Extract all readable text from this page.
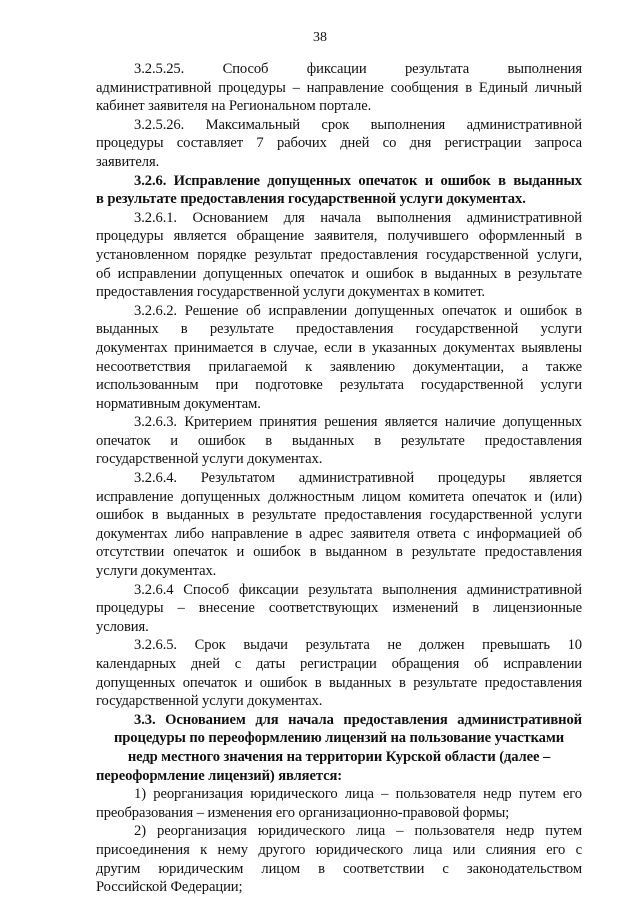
38
3.2.5.25. Способ фиксации результата выполнения
административной процедуры – направление сообщения в Единый личный
кабинет заявителя на Региональном портале.
3.2.5.26. Максимальный срок выполнения административной
процедуры составляет 7 рабочих дней со дня регистрации запроса
заявителя.
3.2.6. Исправление допущенных опечаток и ошибок в выданных
в результате предоставления государственной услуги документах.
3.2.6.1. Основанием для начала выполнения административной
процедуры является обращение заявителя, получившего оформленный в
установленном порядке результат предоставления государственной услуги,
об исправлении допущенных опечаток и ошибок в выданных в результате
предоставления государственной услуги документах в комитет.
3.2.6.2. Решение об исправлении допущенных опечаток и ошибок в
выданных в результате предоставления государственной услуги
документах принимается в случае, если в указанных документах выявлены
несоответствия прилагаемой к заявлению документации, а также
использованным при подготовке результата государственной услуги
нормативным документам.
3.2.6.3. Критерием принятия решения является наличие допущенных
опечаток и ошибок в выданных в результате предоставления
государственной услуги документах.
3.2.6.4. Результатом административной процедуры является
исправление допущенных должностным лицом комитета опечаток и (или)
ошибок в выданных в результате предоставления государственной услуги
документах либо направление в адрес заявителя ответа с информацией об
отсутствии опечаток и ошибок в выданном в результате предоставления
услуги документах.
3.2.6.4 Способ фиксации результата выполнения административной
процедуры – внесение соответствующих изменений в лицензионные
условия.
3.2.6.5. Срок выдачи результата не должен превышать 10
календарных дней с даты регистрации обращения об исправлении
допущенных опечаток и ошибок в выданных в результате предоставления
государственной услуги документах.
3.3. Основанием для начала предоставления административной
процедуры по переоформлению лицензий на пользование участками
недр местного значения на территории Курской области (далее –
переоформление лицензий) является:
1) реорганизация юридического лица – пользователя недр путем его
преобразования – изменения его организационно-правовой формы;
2) реорганизация юридического лица – пользователя недр путем
присоединения к нему другого юридического лица или слияния его с
другим юридическим лицом в соответствии с законодательством
Российской Федерации;
